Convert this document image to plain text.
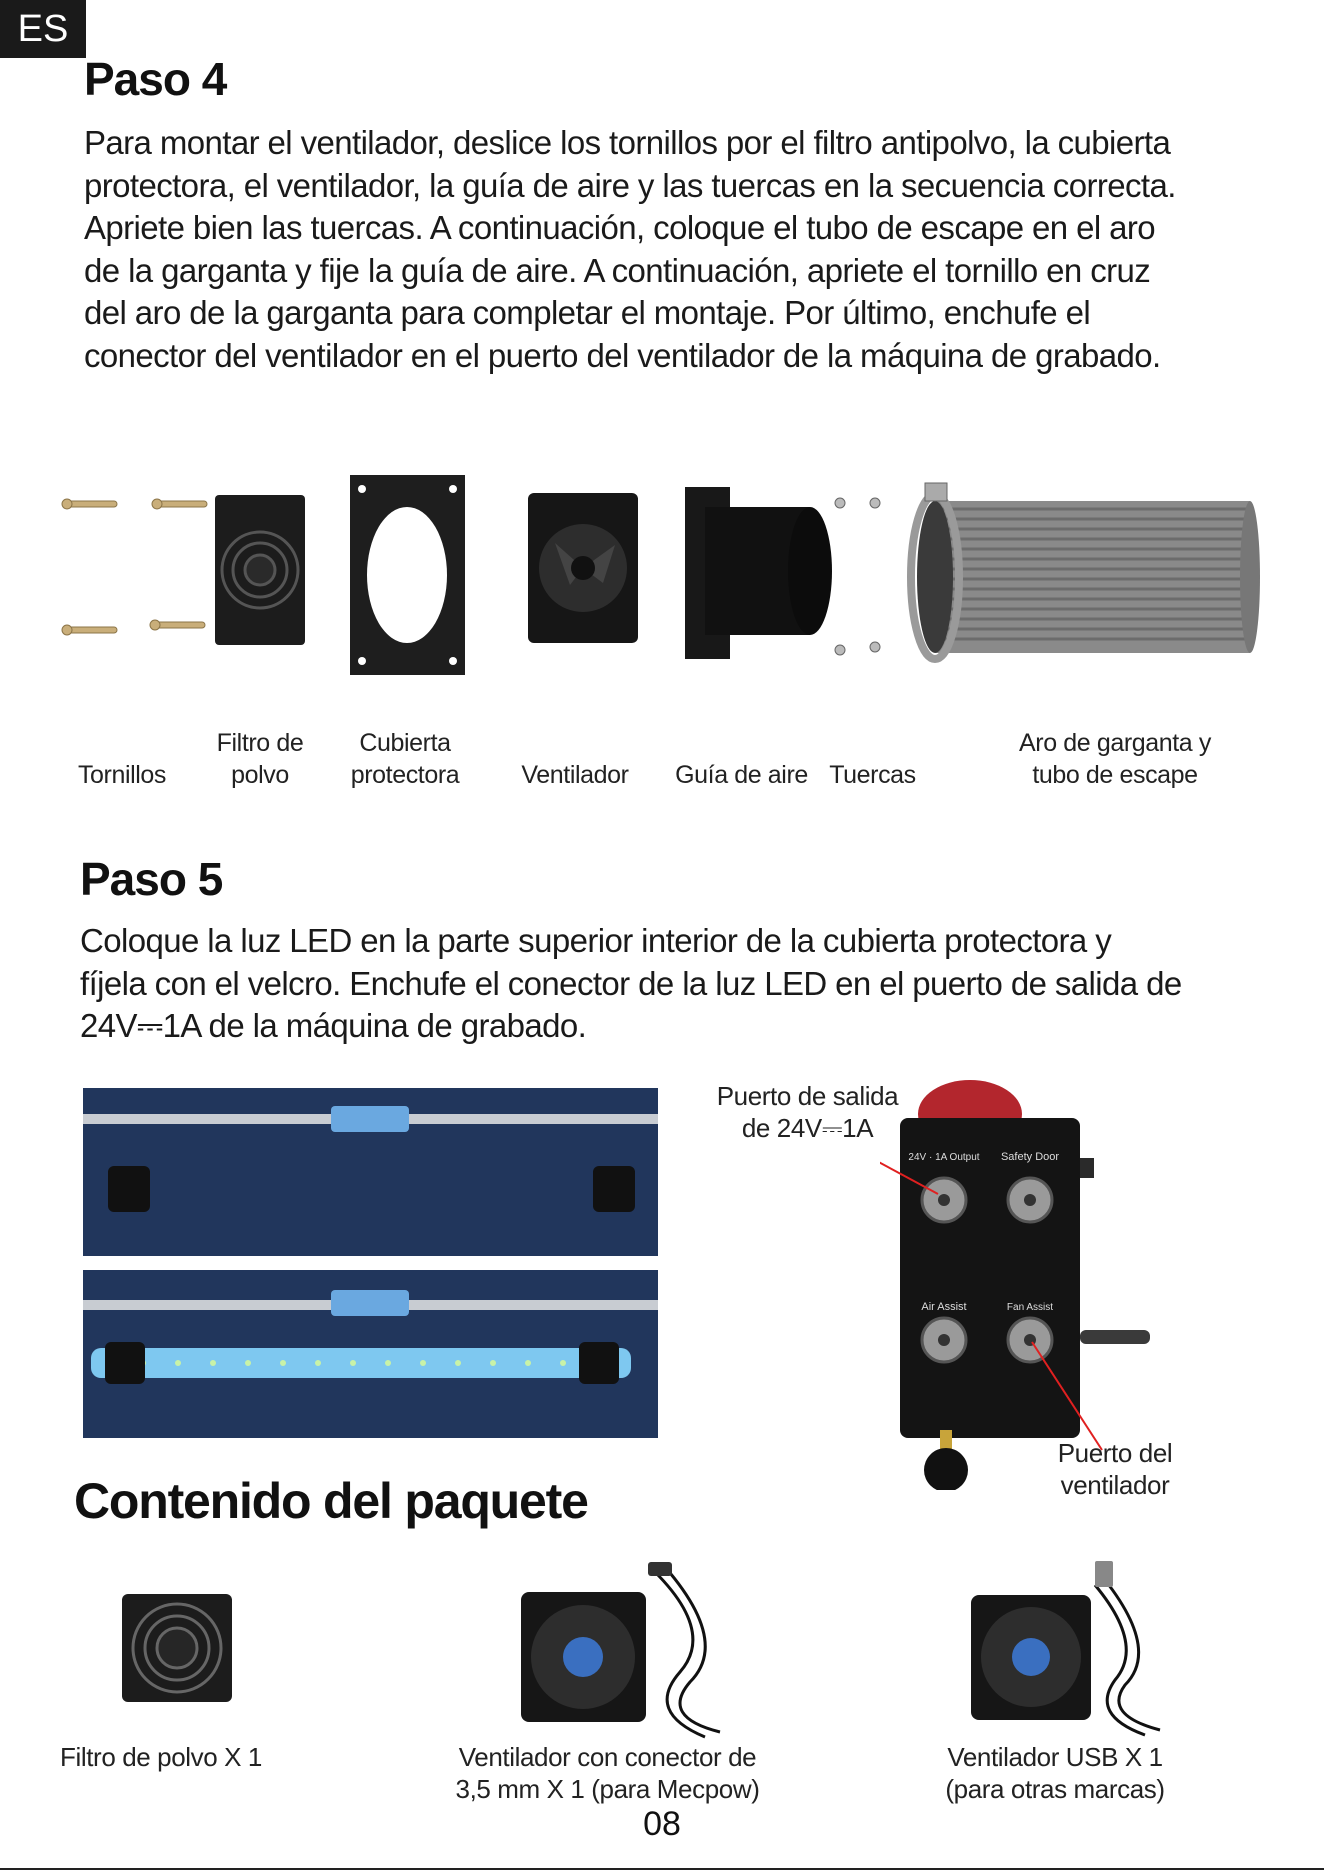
ES
Paso 4
Para montar el ventilador, deslice los tornillos por el filtro antipolvo, la cubierta
protectora, el ventilador, la guía de aire y las tuercas en la secuencia correcta.
Apriete bien las tuercas. A continuación, coloque el tubo de escape en el aro
de la garganta y fije la guía de aire. A continuación, apriete el tornillo en cruz
del aro de la garganta para completar el montaje. Por último, enchufe el
conector del ventilador en el puerto del ventilador de la máquina de grabado.

Tornillos
Filtro de
polvo
Cubierta
protectora
	Ventilador
	Guía de aire
Tuercas
Aro de garganta y
tubo de escape
Paso 5
Coloque la luz LED en la parte superior interior de la cubierta protectora y
fíjela con el velcro. Enchufe el conector de la luz LED en el puerto de salida de
24V⎓1A de la máquina de grabado.
24V · 1A Output Safety Door
Air Assist	Fan Assist
Puerto de salida
de 24V⎓1A
Puerto del
ventilador
Contenido del paquete
Filtro de polvo X 1	Ventilador con conector de
3,5 mm X 1 (para Mecpow)
Ventilador USB X 1
(para otras marcas)
08
